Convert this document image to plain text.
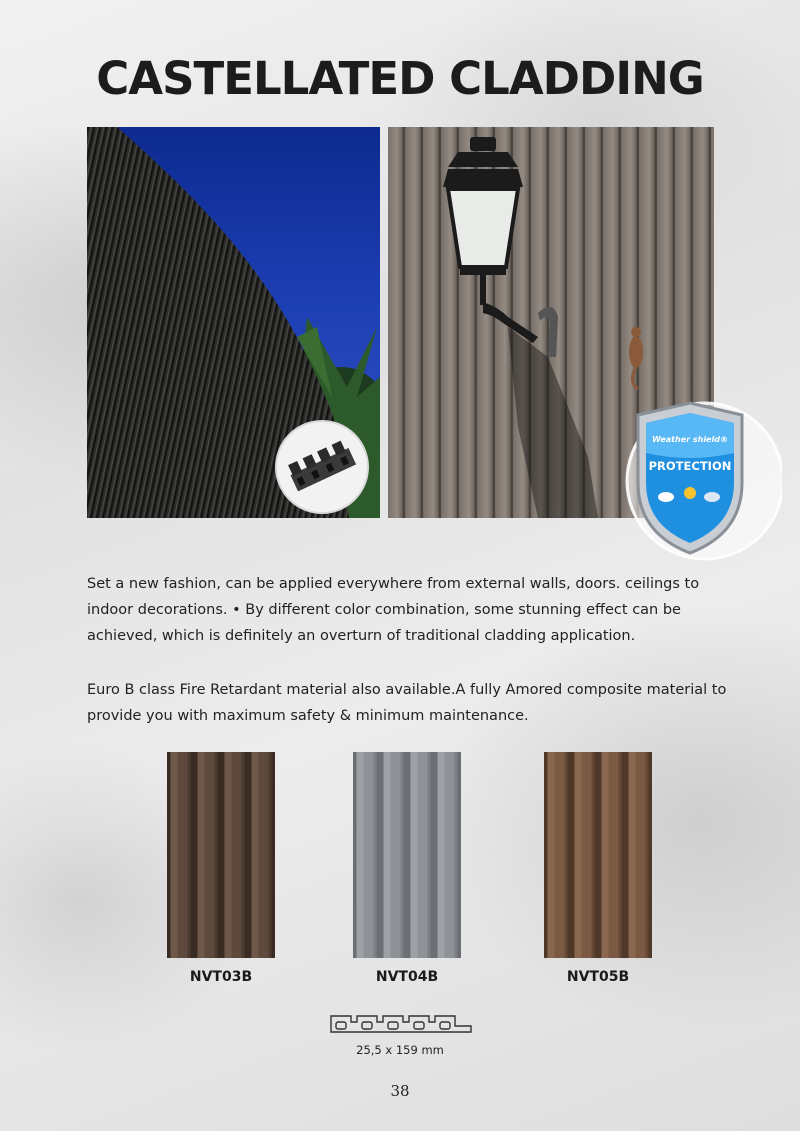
CASTELLATED CLADDING
Weather shield®
PROTECTION
Set a new fashion, can be applied everywhere from external walls, doors. ceilings to indoor decorations. • By different color combination, some stunning effect can be achieved, which is definitely an overturn of traditional cladding application.
Euro B class Fire Retardant material also available.A fully Amored composite material to provide you with maximum safety & minimum maintenance.
NVT03B	NVT04B	NVT05B
25,5 x 159 mm
38
